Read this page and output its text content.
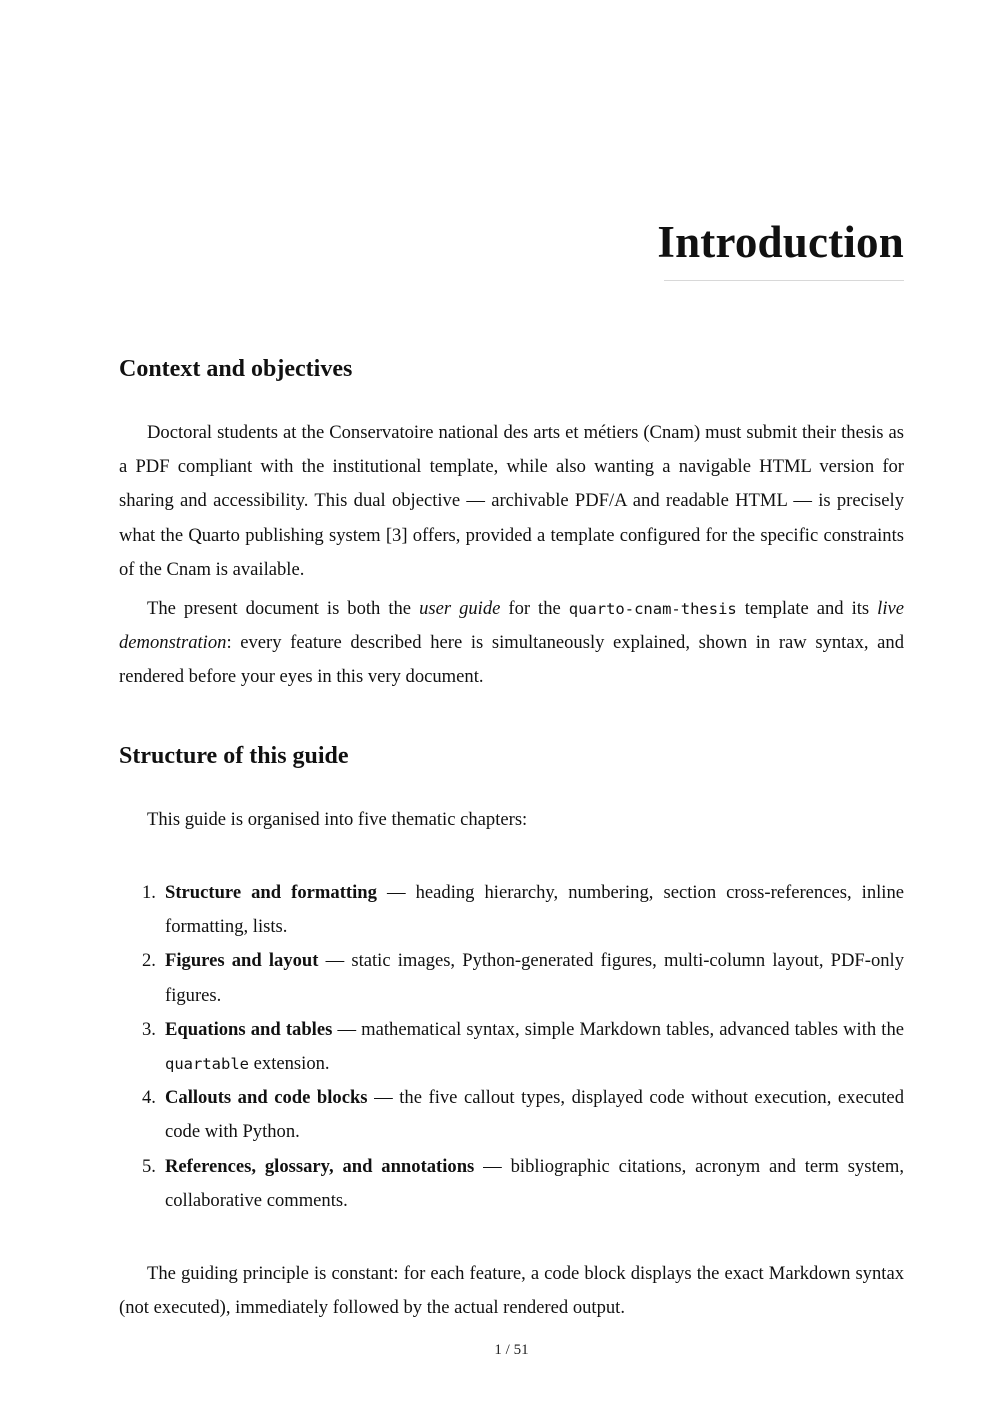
Introduction
Context and objectives

Doctoral students at the Conservatoire national des arts et métiers (Cnam) must submit their thesis as a PDF compliant with the institutional template, while also wanting a navigable HTML version for sharing and accessibility. This dual objective — archivable PDF/A and readable HTML — is precisely what the Quarto publishing system [3] offers, provided a template configured for the specific constraints of the Cnam is available.

The present document is both the user guide for the quarto-cnam-thesis template and its live demonstration: every feature described here is simultaneously explained, shown in raw syntax, and rendered before your eyes in this very document.

Structure of this guide

This guide is organised into five thematic chapters:

1. Structure and formatting — heading hierarchy, numbering, section cross-references, inline formatting, lists.
2. Figures and layout — static images, Python-generated figures, multi-column layout, PDF-only figures.
3. Equations and tables — mathematical syntax, simple Markdown tables, advanced tables with the quartable extension.
4. Callouts and code blocks — the five callout types, displayed code without execution, executed code with Python.
5. References, glossary, and annotations — bibliographic citations, acronym and term system, collaborative comments.

The guiding principle is constant: for each feature, a code block displays the exact Markdown syntax (not executed), immediately followed by the actual rendered output.

1 / 51
